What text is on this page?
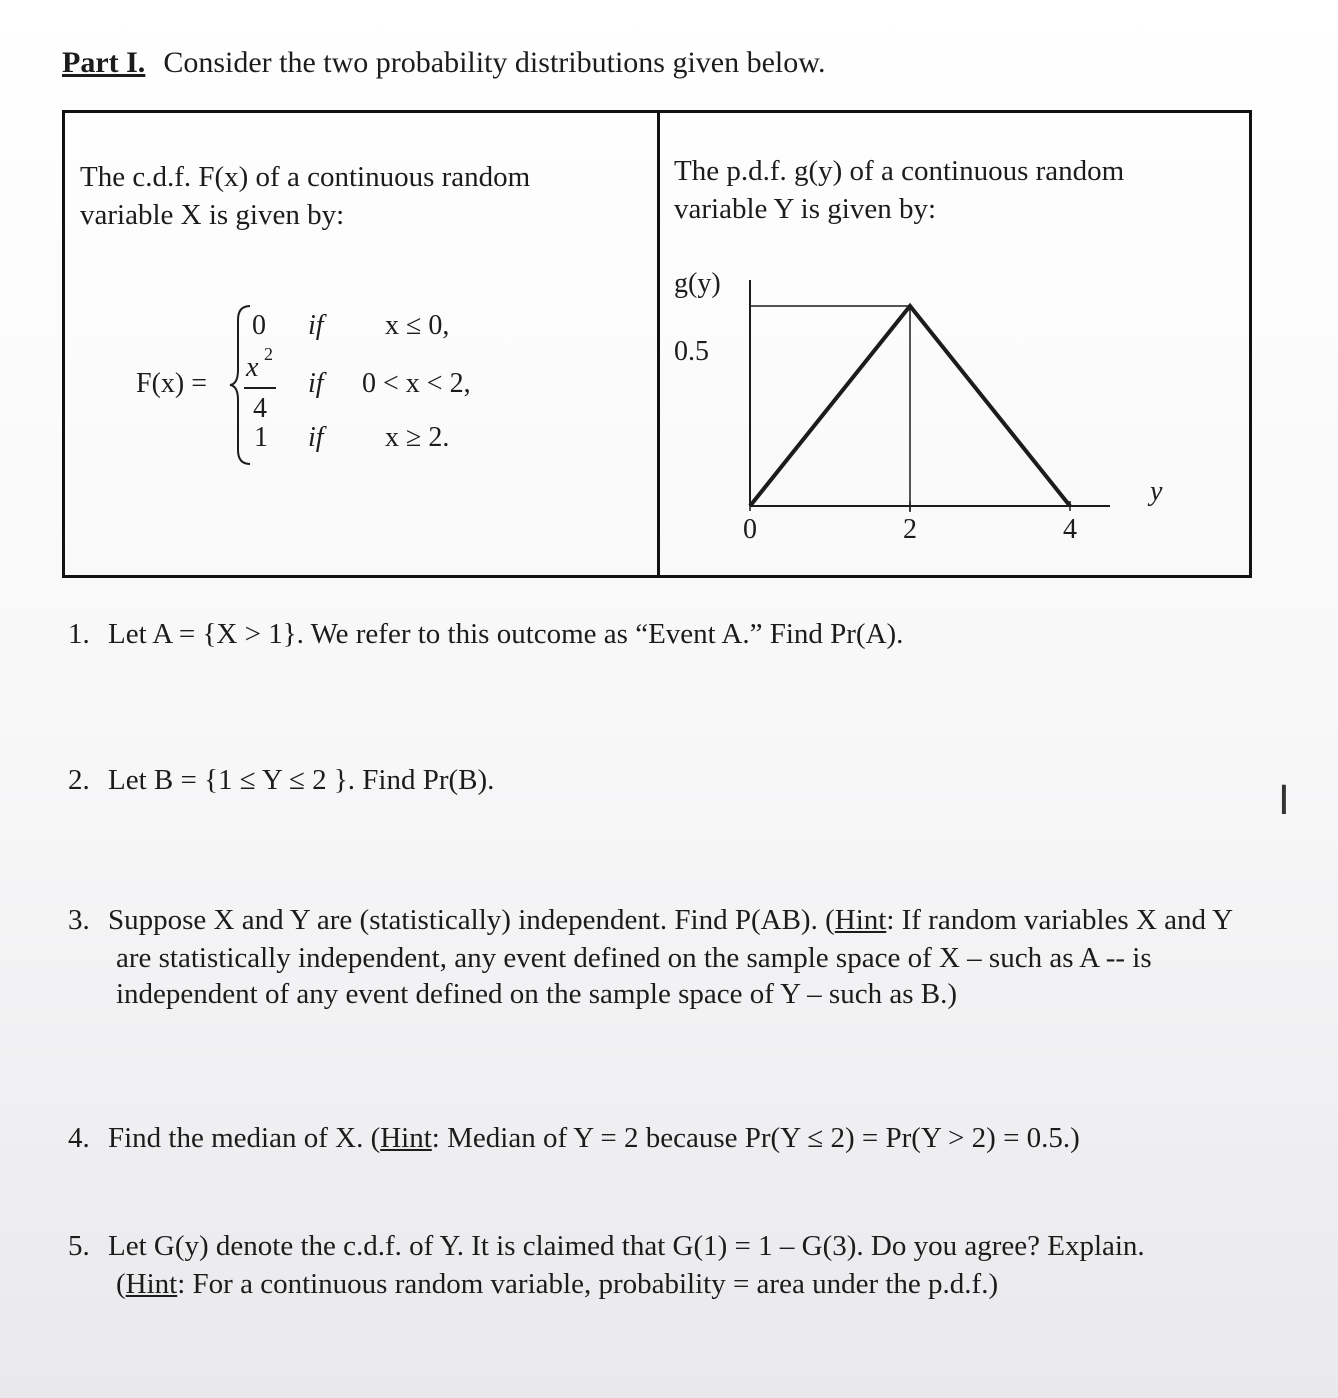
Part I. Consider the two probability distributions given below.
The c.d.f. F(x) of a continuous random
variable X is given by:
F(x) =
0 if x ≤ 0,
x 2
4
if 0 < x < 2,
1 if x ≥ 2.
The p.d.f. g(y) of a continuous random
variable Y is given by:
g(y)
0.5
y
0	2	4
1. Let A = {X > 1}. We refer to this outcome as “Event A.” Find Pr(A).
2. Let B = {1 ≤ Y ≤ 2 }. Find Pr(B).
3. Suppose X and Y are (statistically) independent. Find P(AB). (Hint: If random variables X and Y
are statistically independent, any event defined on the sample space of X – such as A -- is
independent of any event defined on the sample space of Y – such as B.)
4. Find the median of X. (Hint: Median of Y = 2 because Pr(Y ≤ 2) = Pr(Y > 2) = 0.5.)
5. Let G(y) denote the c.d.f. of Y. It is claimed that G(1) = 1 – G(3). Do you agree? Explain.
(Hint: For a continuous random variable, probability = area under the p.d.f.)
I
